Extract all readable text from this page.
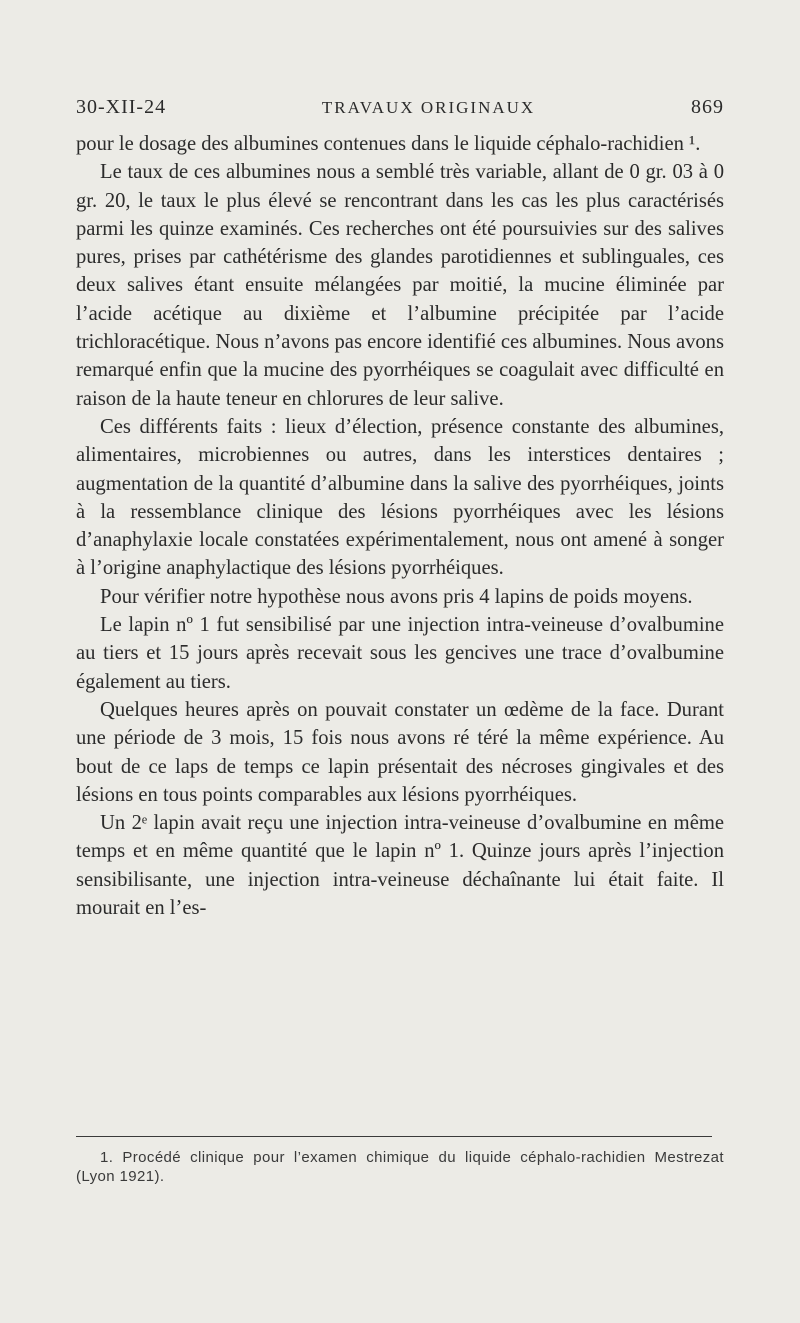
30-XII-24	TRAVAUX ORIGINAUX	869

pour le dosage des albumines contenues dans le liquide céphalo-rachidien ¹.

Le taux de ces albumines nous a semblé très variable, allant de 0 gr. 03 à 0 gr. 20, le taux le plus élevé se rencontrant dans les cas les plus caractérisés parmi les quinze examinés. Ces recherches ont été poursuivies sur des salives pures, prises par cathétérisme des glandes parotidiennes et sublinguales, ces deux salives étant ensuite mélangées par moitié, la mucine éliminée par l’acide acétique au dixième et l’albumine précipitée par l’acide trichloracétique. Nous n’avons pas encore identifié ces albumines. Nous avons remarqué enfin que la mucine des pyorrhéiques se coagulait avec difficulté en raison de la haute teneur en chlorures de leur salive.

Ces différents faits : lieux d’élection, présence constante des albumines, alimentaires, microbiennes ou autres, dans les interstices dentaires ; augmentation de la quantité d’albumine dans la salive des pyorrhéiques, joints à la ressemblance clinique des lésions pyorrhéiques avec les lésions d’anaphylaxie locale constatées expérimentalement, nous ont amené à songer à l’origine anaphylactique des lésions pyorrhéiques.

Pour vérifier notre hypothèse nous avons pris 4 lapins de poids moyens.

Le lapin nº 1 fut sensibilisé par une injection intra-veineuse d’ovalbumine au tiers et 15 jours après recevait sous les gencives une trace d’ovalbumine également au tiers.

Quelques heures après on pouvait constater un œdème de la face. Durant une période de 3 mois, 15 fois nous avons ré téré la même expérience. Au bout de ce laps de temps ce lapin présentait des nécroses gingivales et des lésions en tous points comparables aux lésions pyorrhéiques.

Un 2ᵉ lapin avait reçu une injection intra-veineuse d’ovalbumine en même temps et en même quantité que le lapin nº 1. Quinze jours après l’injection sensibilisante, une injection intra-veineuse déchaînante lui était faite. Il mourait en l’es-

1. Procédé clinique pour l’examen chimique du liquide céphalo-rachidien Mestrezat (Lyon 1921).
